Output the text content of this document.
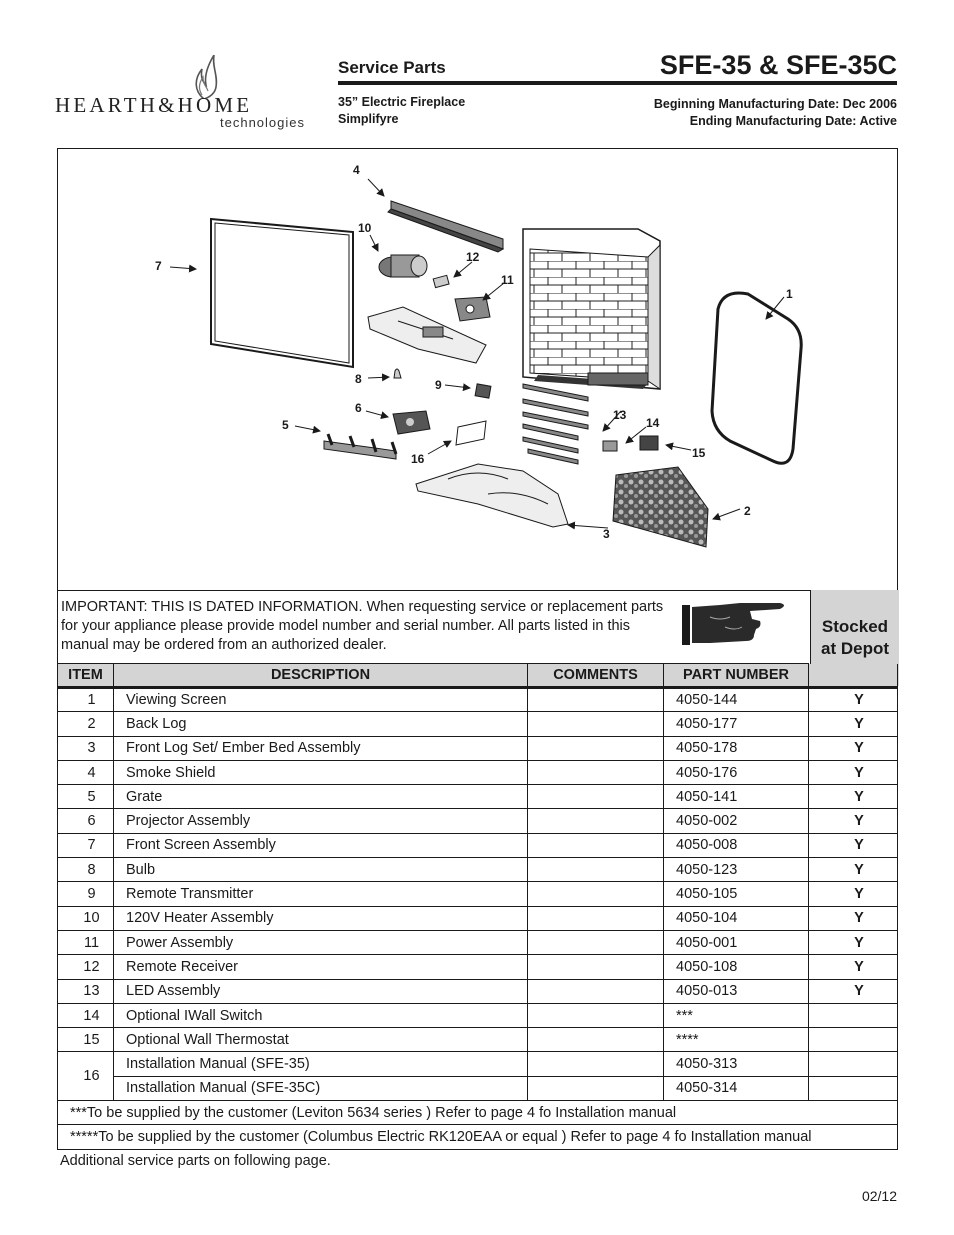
HEARTH&HOME
technologies
Service Parts	SFE-35 & SFE-35C
35” Electric Fireplace
Simplifyre
Beginning Manufacturing Date: Dec 2006
Ending Manufacturing Date: Active
4
7
10
12
11
1
8	9
6
5
16
13
14
15
2
3
IMPORTANT: THIS IS DATED INFORMATION. When requesting service or replacement parts for your appliance please provide model number and serial number. All parts listed in this manual may be ordered from an authorized dealer.
Stocked
at Depot
ITEM	DESCRIPTION	COMMENTS	PART NUMBER	
1	Viewing Screen		4050-144	Y
2	Back Log		4050-177	Y
3	Front Log Set/ Ember Bed Assembly		4050-178	Y
4	Smoke Shield		4050-176	Y
5	Grate		4050-141	Y
6	Projector Assembly		4050-002	Y
7	Front Screen Assembly		4050-008	Y
8	Bulb		4050-123	Y
9	Remote Transmitter		4050-105	Y
10	120V Heater Assembly		4050-104	Y
11	Power Assembly		4050-001	Y
12	Remote Receiver		4050-108	Y
13	LED Assembly		4050-013	Y
14	Optional IWall Switch		***	
15	Optional Wall Thermostat		****	
16	Installation Manual (SFE-35)		4050-313	
	Installation Manual (SFE-35C)		4050-314	
***To be supplied by the customer (Leviton 5634 series ) Refer to page 4 fo Installation manual				
*****To be supplied by the customer (Columbus Electric RK120EAA or equal ) Refer to page 4 fo Installation manual				
Additional service parts on following page.
02/12
